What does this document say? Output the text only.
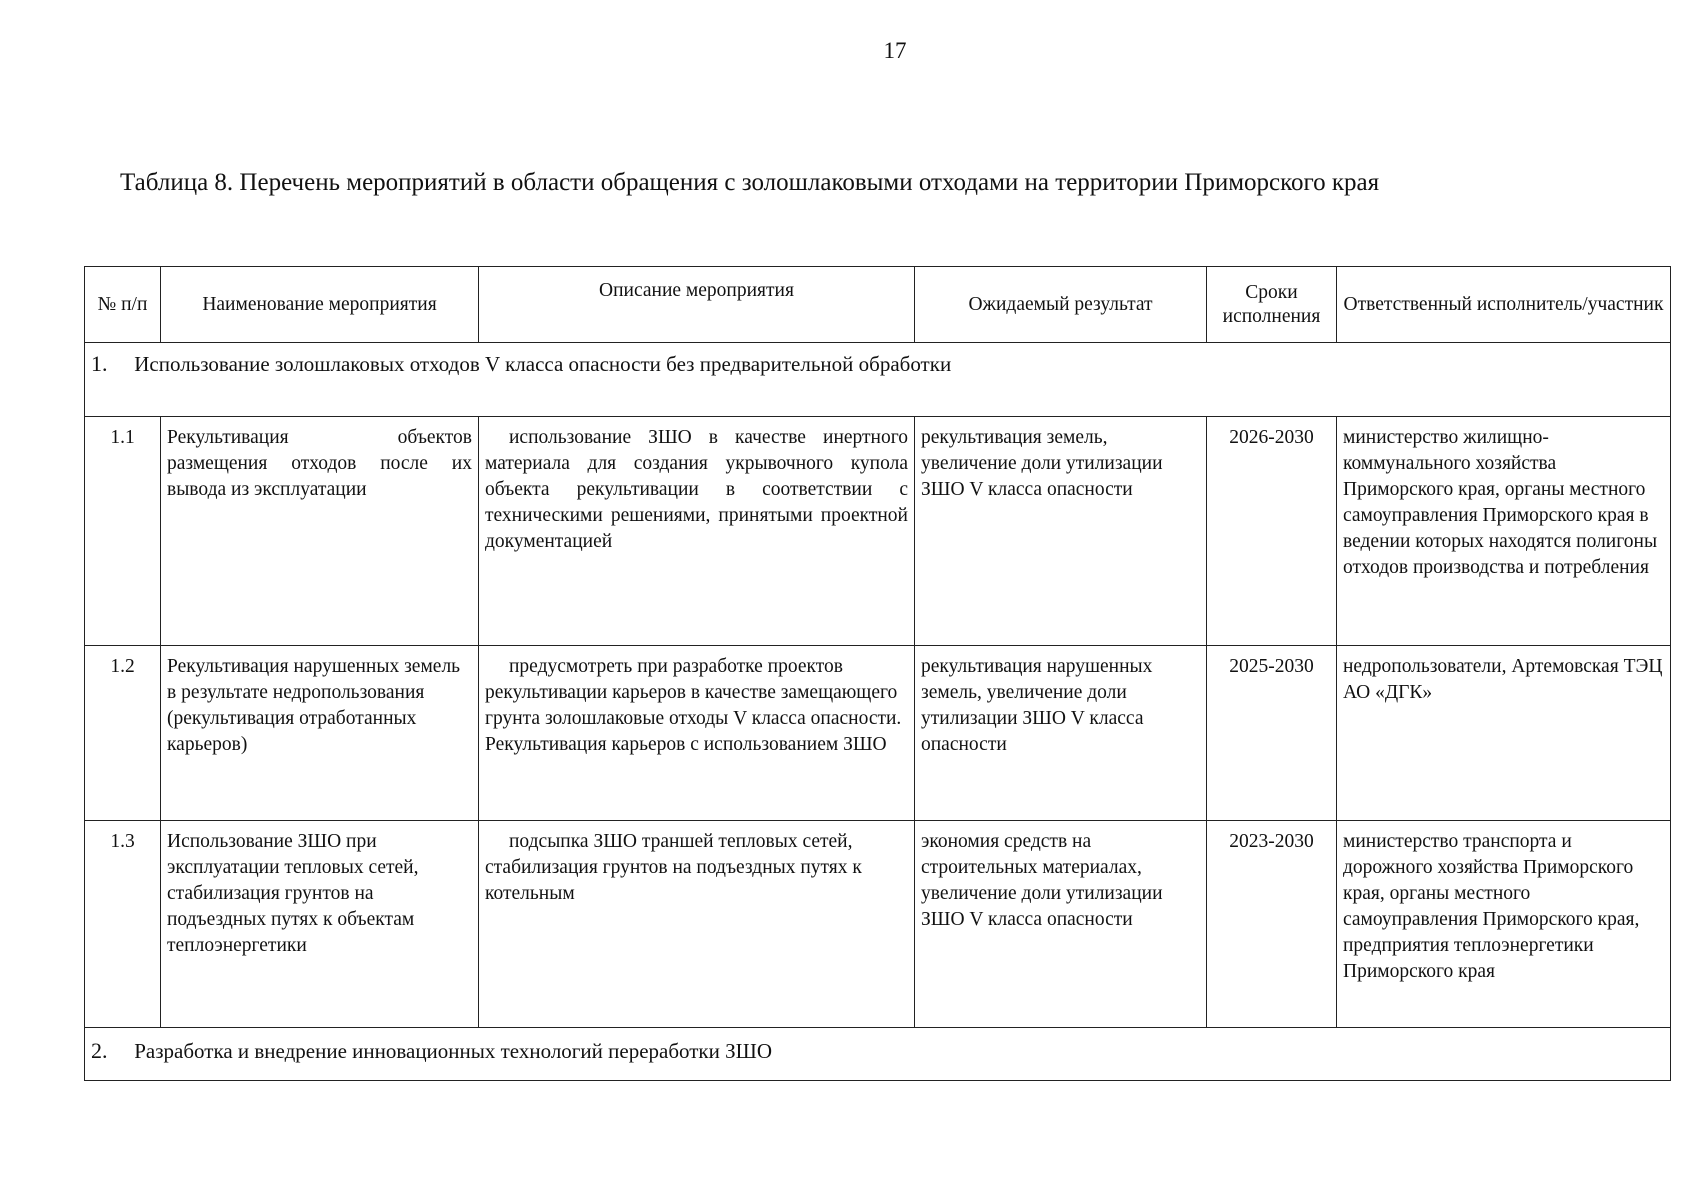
17
Таблица 8. Перечень мероприятий в области обращения с золошлаковыми отходами на территории Приморского края
№ п/п	Наименование мероприятия	Описание мероприятия	Ожидаемый результат	Сроки исполнения	Ответственный исполнитель/участник
1. Использование золошлаковых отходов V класса опасности без предварительной обработки					
1.1	Рекультивация объектов размещения отходов после их вывода из эксплуатации	использование ЗШО в качестве инертного материала для создания укрывочного купола объекта рекультивации в соответствии с техническими решениями, принятыми проектной документацией	рекультивация земель, увеличение доли утилизации ЗШО V класса опасности	2026-2030	министерство жилищно-коммунального хозяйства Приморского края, органы местного самоуправления Приморского края в ведении которых находятся полигоны отходов производства и потребления
1.2	Рекультивация нарушенных земель в результате недропользования (рекультивация отработанных карьеров)	предусмотреть при разработке проектов рекультивации карьеров в качестве замещающего грунта золошлаковые отходы V класса опасности. Рекультивация карьеров с использованием ЗШО	рекультивация нарушенных земель, увеличение доли утилизации ЗШО V класса опасности	2025-2030	недропользователи, Артемовская ТЭЦ АО «ДГК»
1.3	Использование ЗШО при эксплуатации тепловых сетей, стабилизация грунтов на подъездных путях к объектам теплоэнергетики	подсыпка ЗШО траншей тепловых сетей, стабилизация грунтов на подъездных путях к котельным	экономия средств на строительных материалах, увеличение доли утилизации ЗШО V класса опасности	2023-2030	министерство транспорта и дорожного хозяйства Приморского края, органы местного самоуправления Приморского края, предприятия теплоэнергетики Приморского края
2. Разработка и внедрение инновационных технологий переработки ЗШО					
